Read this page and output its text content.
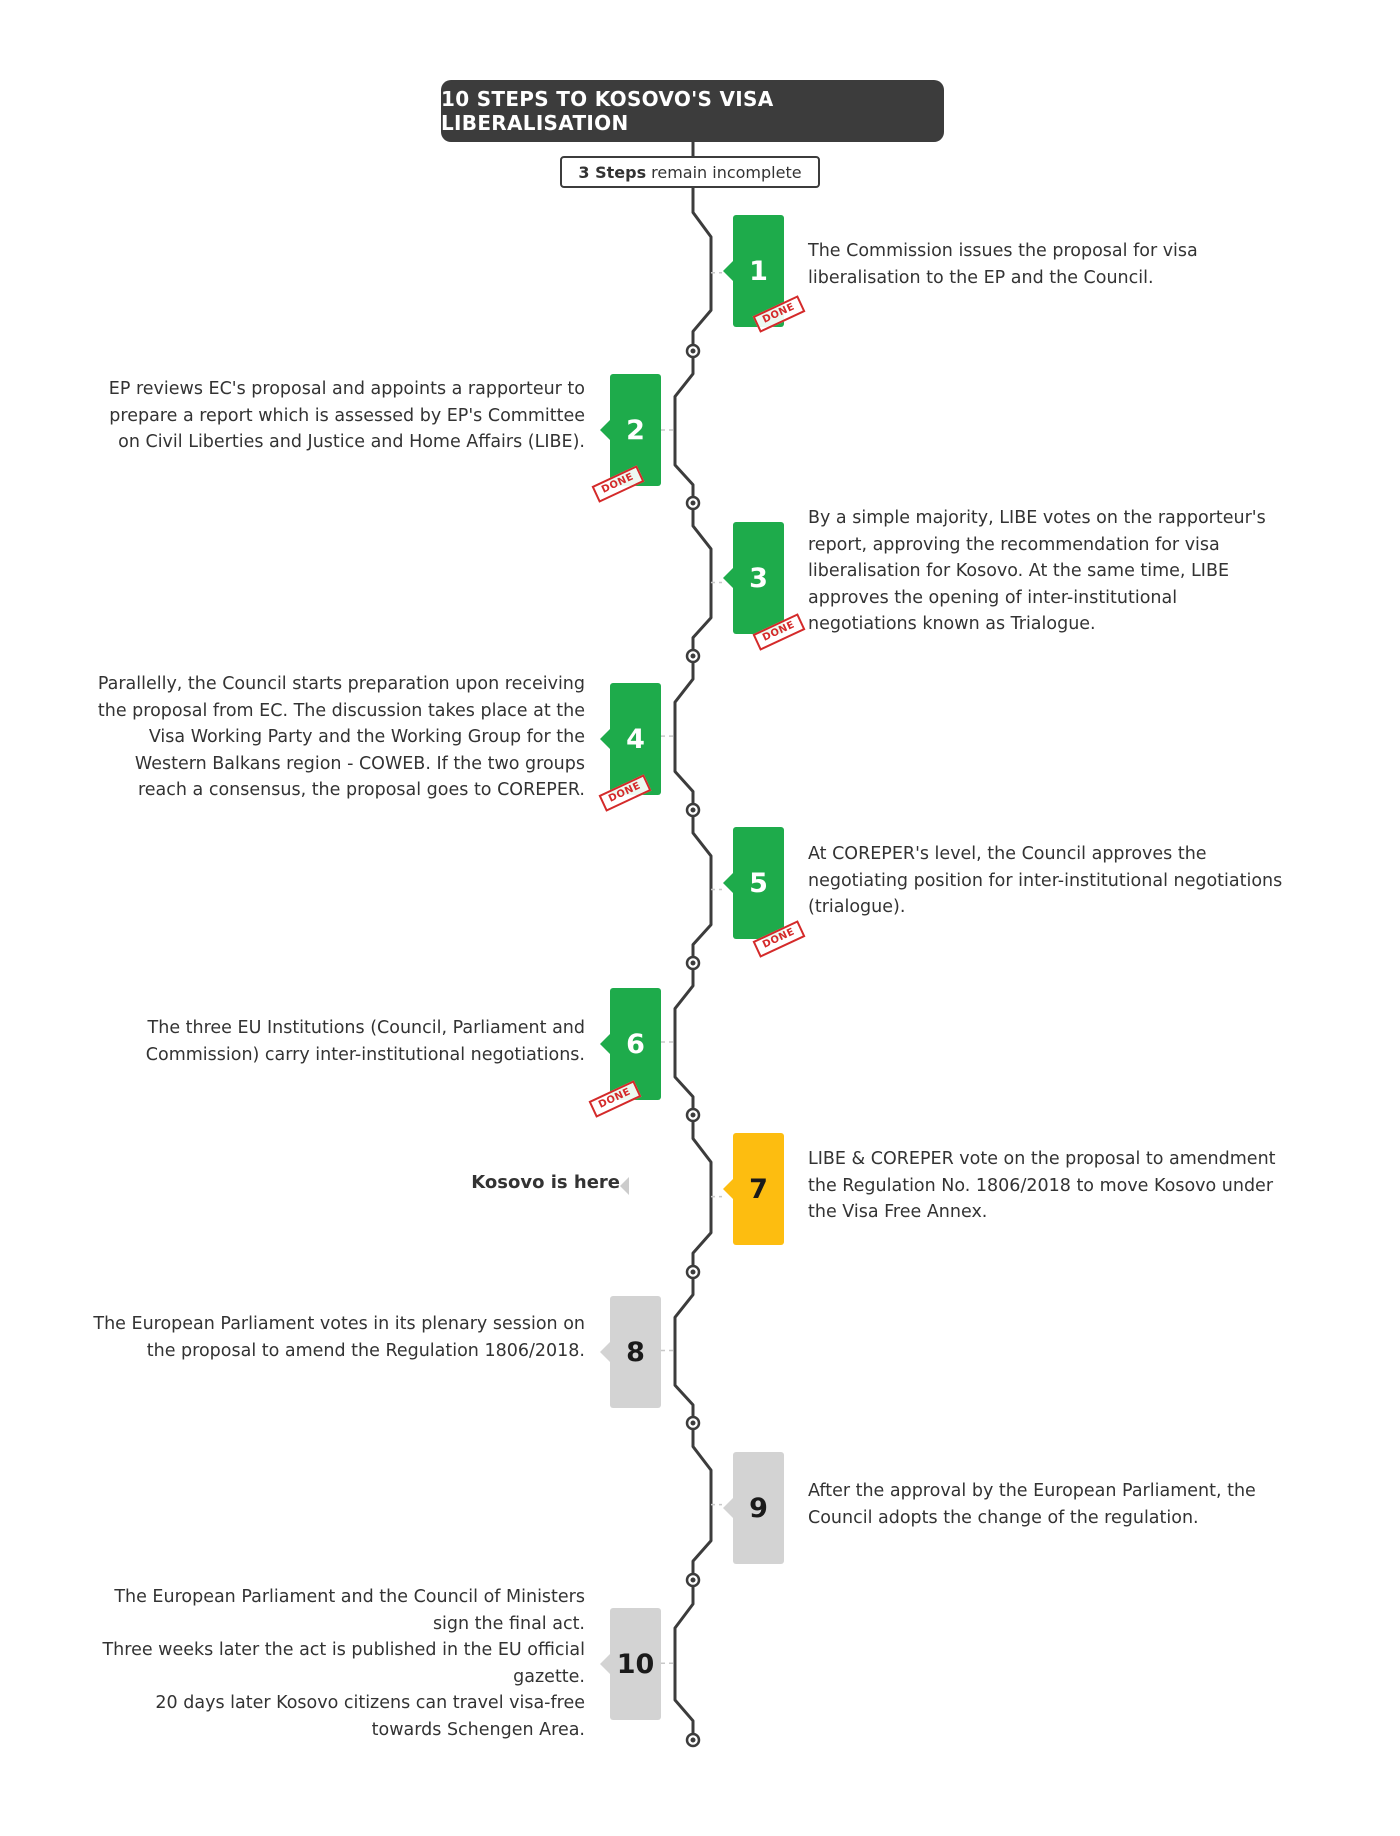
10 STEPS TO KOSOVO'S VISA LIBERALISATION
3 Steps remain incomplete
1
DONE
The Commission issues the proposal for visa liberalisation to the EP and the Council.
2
DONE
EP reviews EC's proposal and appoints a rapporteur to prepare a report which is assessed by EP's Committee on Civil Liberties and Justice and Home Affairs (LIBE).
3
DONE
By a simple majority, LIBE votes on the rapporteur's report, approving the recommendation for visa liberalisation for Kosovo. At the same time, LIBE approves the opening of inter-institutional negotiations known as Trialogue.
4
DONE
Parallelly, the Council starts preparation upon receiving the proposal from EC. The discussion takes place at the Visa Working Party and the Working Group for the Western Balkans region - COWEB. If the two groups reach a consensus, the proposal goes to COREPER.
5
DONE
At COREPER's level, the Council approves the negotiating position for inter-institutional negotiations (trialogue).
6
DONE
The three EU Institutions (Council, Parliament and Commission) carry inter-institutional negotiations.
7
LIBE & COREPER vote on the proposal to amendment the Regulation No. 1806/2018 to move Kosovo under the Visa Free Annex.
Kosovo is here
8
The European Parliament votes in its plenary session on the proposal to amend the Regulation 1806/2018.
9
After the approval by the European Parliament, the Council adopts the change of the regulation.
10
The European Parliament and the Council of Ministers sign the final act.
Three weeks later the act is published in the EU official gazette.
20 days later Kosovo citizens can travel visa-free towards Schengen Area.
